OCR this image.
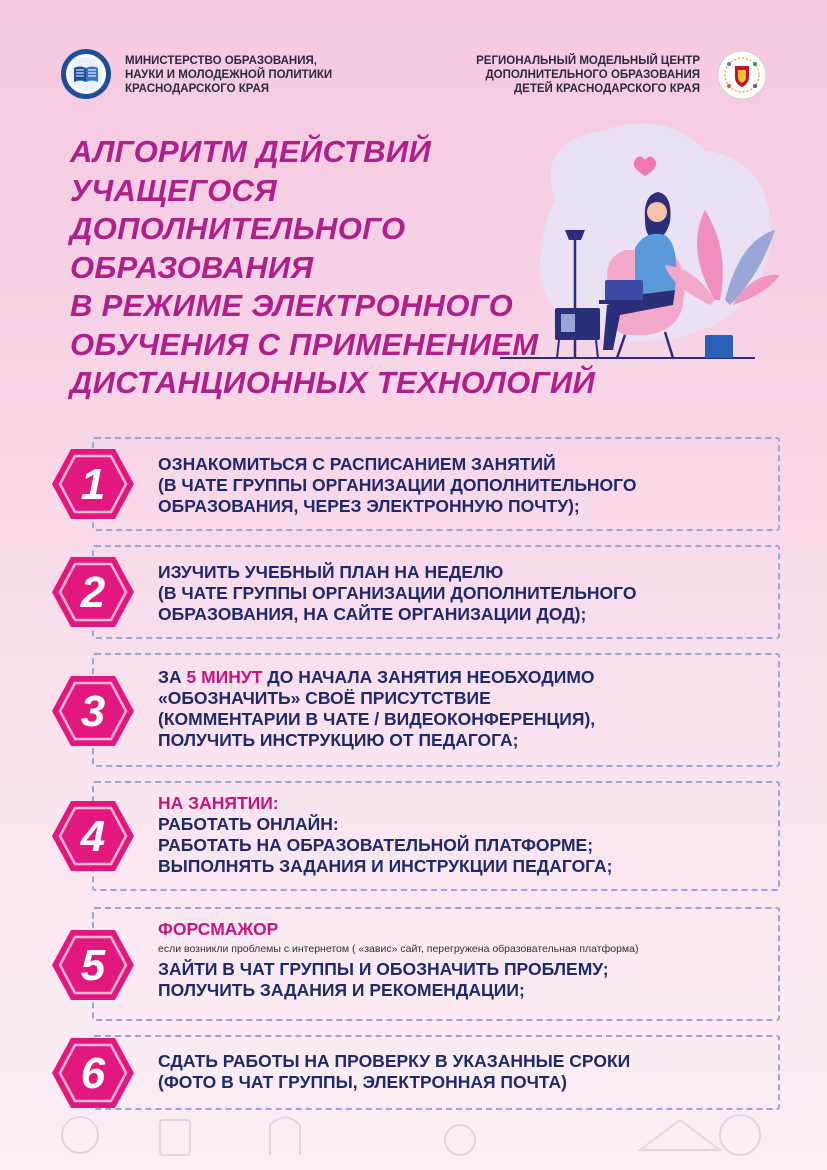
МИНИСТЕРСТВО ОБРАЗОВАНИЯ,
НАУКИ И МОЛОДЕЖНОЙ ПОЛИТИКИ
КРАСНОДАРСКОГО КРАЯ
РЕГИОНАЛЬНЫЙ МОДЕЛЬНЫЙ ЦЕНТР
ДОПОЛНИТЕЛЬНОГО ОБРАЗОВАНИЯ
ДЕТЕЙ КРАСНОДАРСКОГО КРАЯ
АЛГОРИТМ ДЕЙСТВИЙ
УЧАЩЕГОСЯ
ДОПОЛНИТЕЛЬНОГО
ОБРАЗОВАНИЯ
В РЕЖИМЕ ЭЛЕКТРОННОГО
ОБУЧЕНИЯ С ПРИМЕНЕНИЕМ
ДИСТАНЦИОННЫХ ТЕХНОЛОГИЙ
1	ОЗНАКОМИТЬСЯ С РАСПИСАНИЕМ ЗАНЯТИЙ
(В ЧАТЕ ГРУППЫ ОРГАНИЗАЦИИ ДОПОЛНИТЕЛЬНОГО
ОБРАЗОВАНИЯ, ЧЕРЕЗ ЭЛЕКТРОННУЮ ПОЧТУ);
2	ИЗУЧИТЬ УЧЕБНЫЙ ПЛАН НА НЕДЕЛЮ
(В ЧАТЕ ГРУППЫ ОРГАНИЗАЦИИ ДОПОЛНИТЕЛЬНОГО
ОБРАЗОВАНИЯ, НА САЙТЕ ОРГАНИЗАЦИИ ДОД);
3
ЗА 5 МИНУТ ДО НАЧАЛА ЗАНЯТИЯ НЕОБХОДИМО
«ОБОЗНАЧИТЬ» СВОЁ ПРИСУТСТВИЕ
(КОММЕНТАРИИ В ЧАТЕ / ВИДЕОКОНФЕРЕНЦИЯ),
ПОЛУЧИТЬ ИНСТРУКЦИЮ ОТ ПЕДАГОГА;
4
НА ЗАНЯТИИ:
РАБОТАТЬ ОНЛАЙН:
РАБОТАТЬ НА ОБРАЗОВАТЕЛЬНОЙ ПЛАТФОРМЕ;
ВЫПОЛНЯТЬ ЗАДАНИЯ И ИНСТРУКЦИИ ПЕДАГОГА;
5
ФОРСМАЖОР
если возникли проблемы с интернетом ( «завис» сайт, перегружена образовательная платформа)
ЗАЙТИ В ЧАТ ГРУППЫ И ОБОЗНАЧИТЬ ПРОБЛЕМУ;
ПОЛУЧИТЬ ЗАДАНИЯ И РЕКОМЕНДАЦИИ;
6	СДАТЬ РАБОТЫ НА ПРОВЕРКУ В УКАЗАННЫЕ СРОКИ
(ФОТО В ЧАТ ГРУППЫ, ЭЛЕКТРОННАЯ ПОЧТА)
